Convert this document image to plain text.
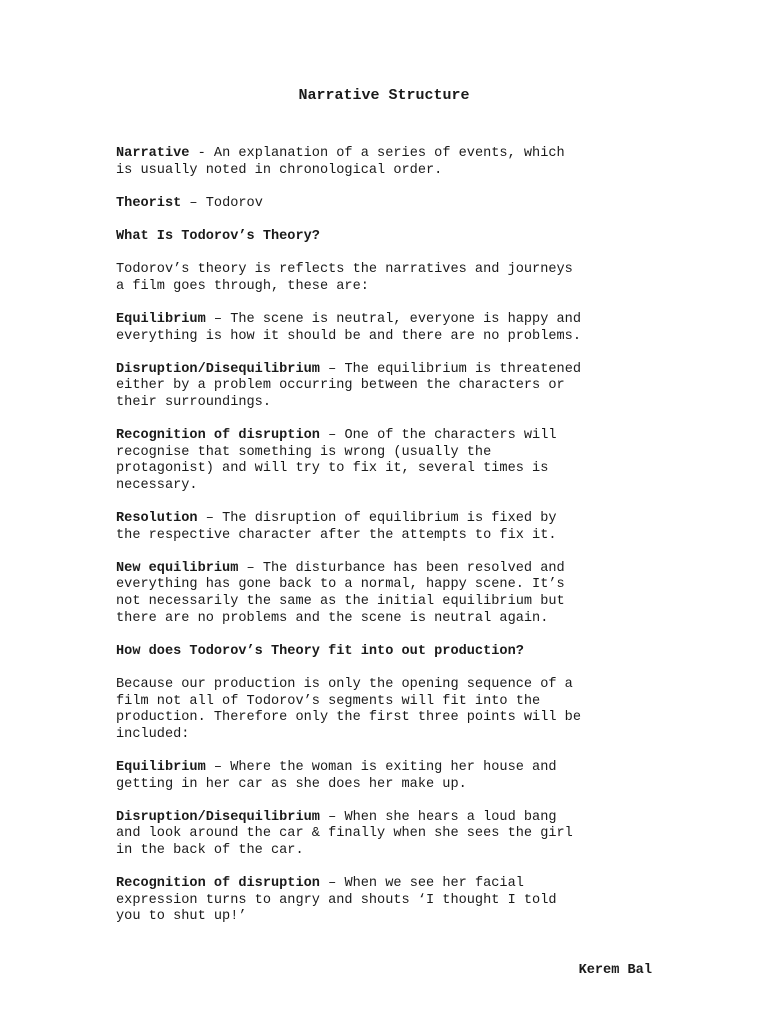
Narrative Structure
Narrative - An explanation of a series of events, which
is usually noted in chronological order.
Theorist – Todorov
What Is Todorov’s Theory?
Todorov’s theory is reflects the narratives and journeys
a film goes through, these are:
Equilibrium – The scene is neutral, everyone is happy and
everything is how it should be and there are no problems.
Disruption/Disequilibrium – The equilibrium is threatened
either by a problem occurring between the characters or
their surroundings.
Recognition of disruption – One of the characters will
recognise that something is wrong (usually the
protagonist) and will try to fix it, several times is
necessary.
Resolution – The disruption of equilibrium is fixed by
the respective character after the attempts to fix it.
New equilibrium – The disturbance has been resolved and
everything has gone back to a normal, happy scene. It’s
not necessarily the same as the initial equilibrium but
there are no problems and the scene is neutral again.
How does Todorov’s Theory fit into out production?
Because our production is only the opening sequence of a
film not all of Todorov’s segments will fit into the
production. Therefore only the first three points will be
included:
Equilibrium – Where the woman is exiting her house and
getting in her car as she does her make up.
Disruption/Disequilibrium – When she hears a loud bang
and look around the car & finally when she sees the girl
in the back of the car.
Recognition of disruption – When we see her facial
expression turns to angry and shouts ‘I thought I told
you to shut up!’
Kerem Bal
